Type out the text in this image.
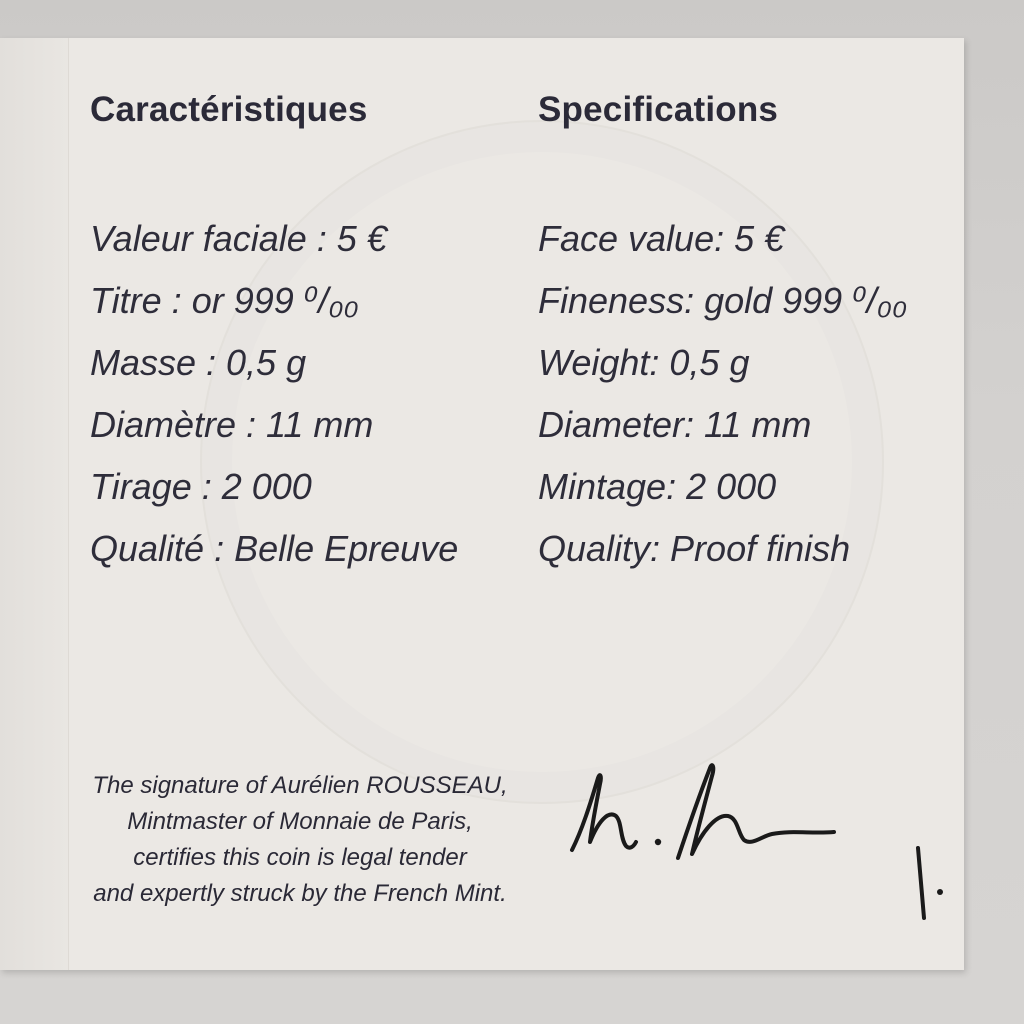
Caractéristiques
Valeur faciale : 5 €
Titre : or 999 ⁰/₀₀
Masse : 0,5 g
Diamètre : 11 mm
Tirage : 2 000
Qualité : Belle Epreuve
Specifications
Face value: 5 €
Fineness: gold 999 ⁰/₀₀
Weight: 0,5 g
Diameter: 11 mm
Mintage: 2 000
Quality: Proof finish
The signature of Aurélien ROUSSEAU,
Mintmaster of Monnaie de Paris,
certifies this coin is legal tender
and expertly struck by the French Mint.
